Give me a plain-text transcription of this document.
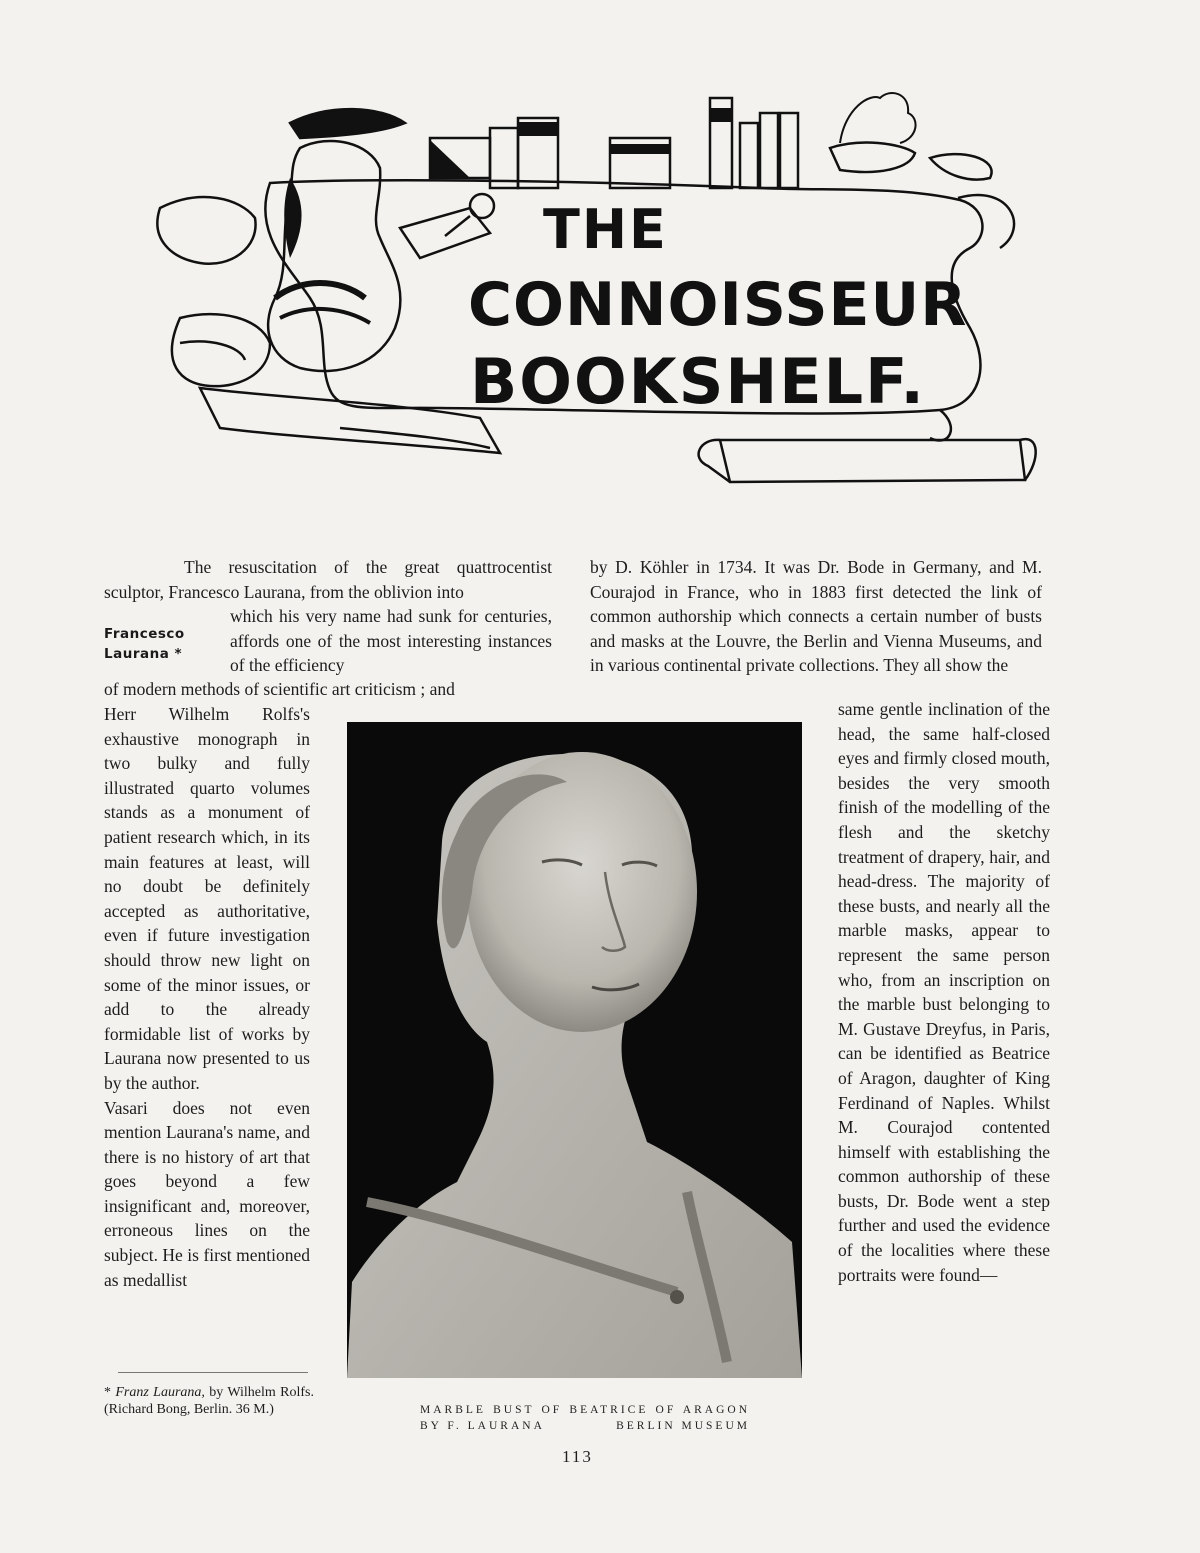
THE
CONNOISSEUR
BOOKSHELF.

The resuscitation of the great quattrocentist sculptor, Francesco Laurana, from the oblivion into

Francesco Laurana *

which his very name had sunk for centuries, affords one of the most interesting instances of the efficiency

of modern methods of scientific art criticism ; and

Herr Wilhelm Rolfs's exhaustive monograph in two bulky and fully illustrated quarto volumes stands as a monument of patient research which, in its main features at least, will no doubt be definitely accepted as authoritative, even if future investigation should throw new light on some of the minor issues, or add to the already formidable list of works by Laurana now presented to us by the author.

Vasari does not even mention Laurana's name, and there is no history of art that goes beyond a few insignificant and, moreover, erroneous lines on the subject. He is first mentioned as medallist

* Franz Laurana, by Wilhelm Rolfs. (Richard Bong, Berlin. 36 M.)	MARBLE BUST OF BEATRICE OF ARAGON
BY F. LAURANA	BERLIN MUSEUM

by D. Köhler in 1734. It was Dr. Bode in Germany, and M. Courajod in France, who in 1883 first detected the link of common authorship which connects a certain number of busts and masks at the Louvre, the Berlin and Vienna Museums, and in various continental private collections. They all show the

same gentle inclination of the head, the same half-closed eyes and firmly closed mouth, besides the very smooth finish of the modelling of the flesh and the sketchy treatment of drapery, hair, and head-dress. The majority of these busts, and nearly all the marble masks, appear to represent the same person who, from an inscription on the marble bust belonging to M. Gustave Dreyfus, in Paris, can be identified as Beatrice of Aragon, daughter of King Ferdinand of Naples. Whilst M. Courajod contented himself with establishing the common authorship of these busts, Dr. Bode went a step further and used the evidence of the localities where these portraits were found—

113
